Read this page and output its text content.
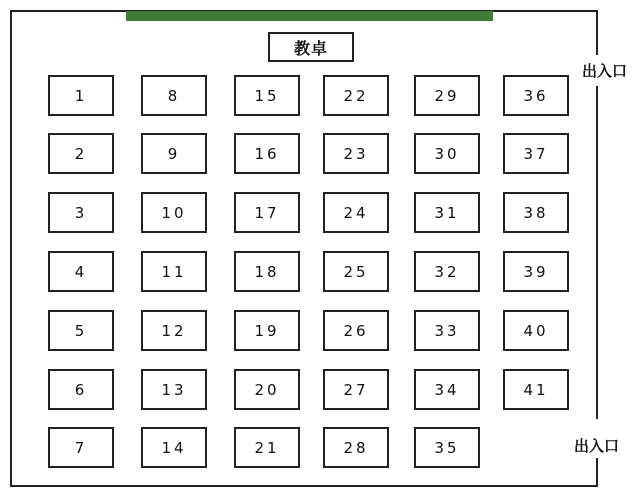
教卓
出入口
出入口
1
2
3
4
5
6
7
8
9
10
11
12
13
14
15
16
17
18
19
20
21
22
23
24
25
26
27
28
29
30
31
32
33
34
35
36
37
38
39
40
41
